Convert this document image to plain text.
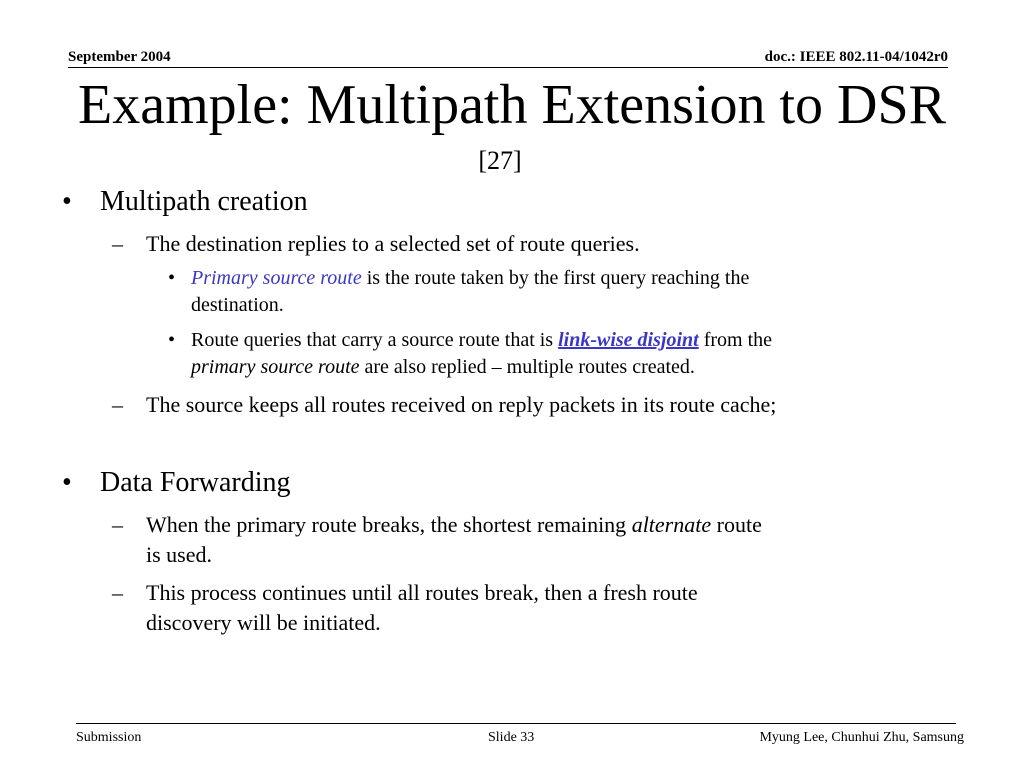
September 2004	doc.: IEEE 802.11-04/1042r0
Example: Multipath Extension to DSR
[27]
• Multipath creation
– The destination replies to a selected set of route queries.
• Primary source route is the route taken by the first query reaching the
destination.
• Route queries that carry a source route that is link-wise disjoint from the
primary source route are also replied – multiple routes created.
– The source keeps all routes received on reply packets in its route cache;
• Data Forwarding
– When the primary route breaks, the shortest remaining alternate route
is used.
– This process continues until all routes break, then a fresh route
discovery will be initiated.
Submission	Slide 33	Myung Lee, Chunhui Zhu, Samsung
